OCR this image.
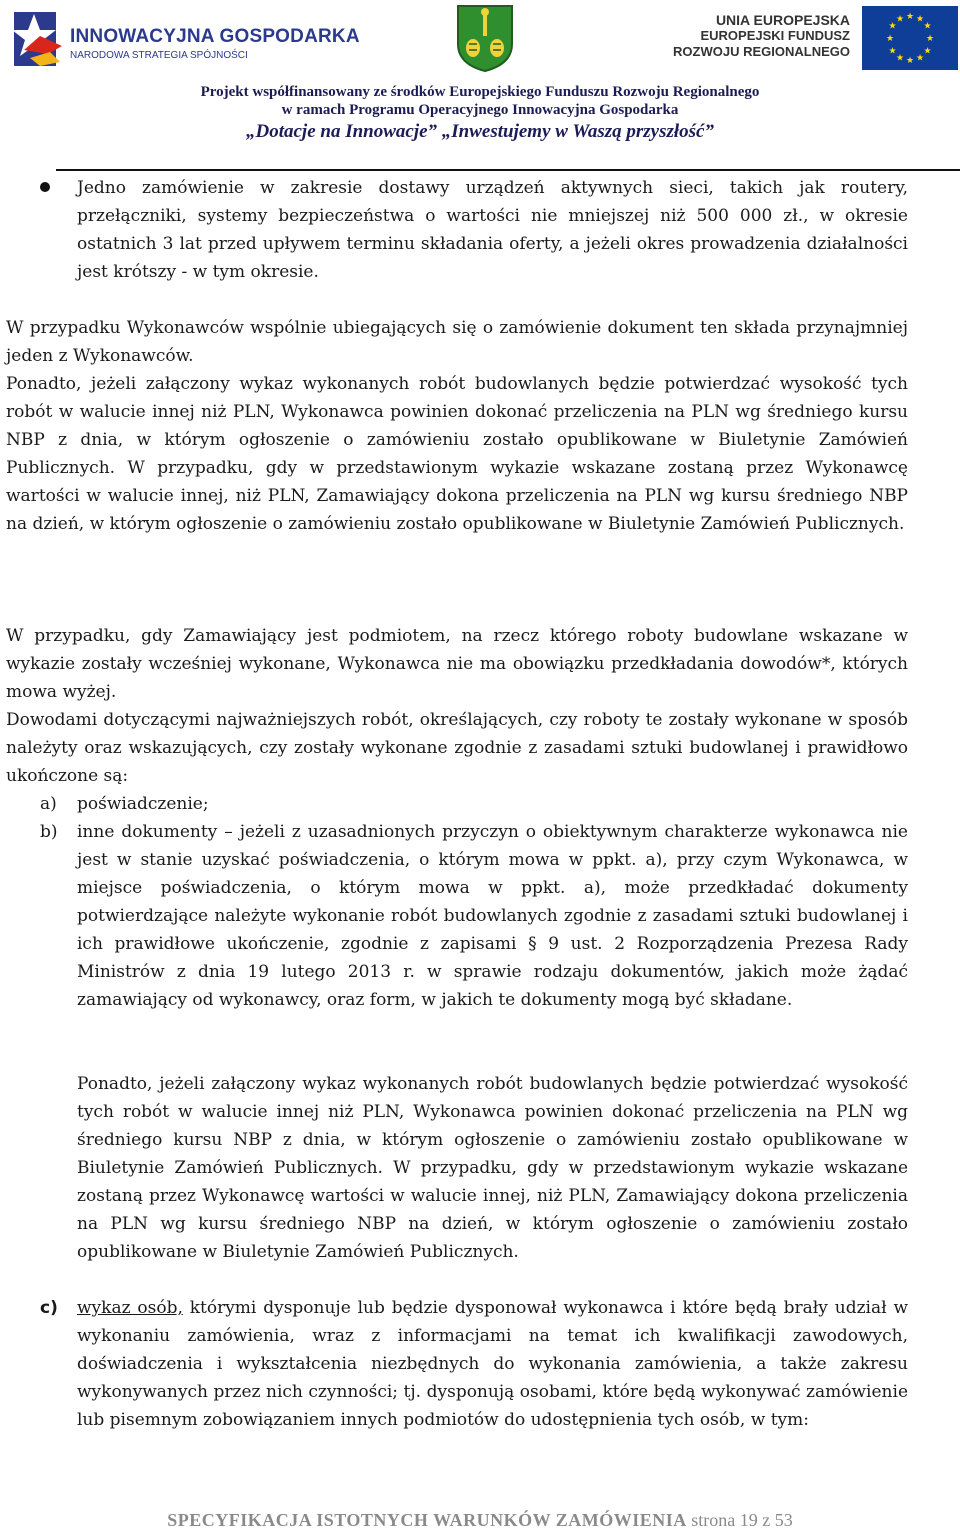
INNOWACYJNA GOSPODARKA
NARODOWA STRATEGIA SPÓJNOŚCI
UNIA EUROPEJSKA
EUROPEJSKI FUNDUSZ
ROZWOJU REGIONALNEGO
★ ★
★
★
★
★
★
★
★
★
★
★
Projekt współfinansowany ze środków Europejskiego Funduszu Rozwoju Regionalnego
w ramach Programu Operacyjnego Innowacyjna Gospodarka
„Dotacje na Innowacje” „Inwestujemy w Waszą przyszłość”

Jedno zamówienie w zakresie dostawy urządzeń aktywnych sieci, takich jak routery, przełączniki, systemy bezpieczeństwa o wartości nie mniejszej niż 500 000 zł., w okresie ostatnich 3 lat przed upływem terminu składania oferty, a jeżeli okres prowadzenia działalności jest krótszy - w tym okresie.

W przypadku Wykonawców wspólnie ubiegających się o zamówienie dokument ten składa przynajmniej jeden z Wykonawców.

Ponadto, jeżeli załączony wykaz wykonanych robót budowlanych będzie potwierdzać wysokość tych robót w walucie innej niż PLN, Wykonawca powinien dokonać przeliczenia na PLN wg średniego kursu NBP z dnia, w którym ogłoszenie o zamówieniu zostało opublikowane w Biuletynie Zamówień Publicznych. W przypadku, gdy w przedstawionym wykazie wskazane zostaną przez Wykonawcę wartości w walucie innej, niż PLN, Zamawiający dokona przeliczenia na PLN wg kursu średniego NBP na dzień, w którym ogłoszenie o zamówieniu zostało opublikowane w Biuletynie Zamówień Publicznych.

W przypadku, gdy Zamawiający jest podmiotem, na rzecz którego roboty budowlane wskazane w wykazie zostały wcześniej wykonane, Wykonawca nie ma obowiązku przedkładania dowodów*, których mowa wyżej.

Dowodami dotyczącymi najważniejszych robót, określających, czy roboty te zostały wykonane w sposób należyty oraz wskazujących, czy zostały wykonane zgodnie z zasadami sztuki budowlanej i prawidłowo ukończone są:

a) poświadczenie;

b) inne dokumenty – jeżeli z uzasadnionych przyczyn o obiektywnym charakterze wykonawca nie jest w stanie uzyskać poświadczenia, o którym mowa w ppkt. a), przy czym Wykonawca, w miejsce poświadczenia, o którym mowa w ppkt. a), może przedkładać dokumenty potwierdzające należyte wykonanie robót budowlanych zgodnie z zasadami sztuki budowlanej i ich prawidłowe ukończenie, zgodnie z zapisami § 9 ust. 2 Rozporządzenia Prezesa Rady Ministrów z dnia 19 lutego 2013 r. w sprawie rodzaju dokumentów, jakich może żądać zamawiający od wykonawcy, oraz form, w jakich te dokumenty mogą być składane.

Ponadto, jeżeli załączony wykaz wykonanych robót budowlanych będzie potwierdzać wysokość tych robót w walucie innej niż PLN, Wykonawca powinien dokonać przeliczenia na PLN wg średniego kursu NBP z dnia, w którym ogłoszenie o zamówieniu zostało opublikowane w Biuletynie Zamówień Publicznych. W przypadku, gdy w przedstawionym wykazie wskazane zostaną przez Wykonawcę wartości w walucie innej, niż PLN, Zamawiający dokona przeliczenia na PLN wg kursu średniego NBP na dzień, w którym ogłoszenie o zamówieniu zostało opublikowane w Biuletynie Zamówień Publicznych.

c) wykaz osób, którymi dysponuje lub będzie dysponował wykonawca i które będą brały udział w wykonaniu zamówienia, wraz z informacjami na temat ich kwalifikacji zawodowych, doświadczenia i wykształcenia niezbędnych do wykonania zamówienia, a także zakresu wykonywanych przez nich czynności; tj. dysponują osobami, które będą wykonywać zamówienie lub pisemnym zobowiązaniem innych podmiotów do udostępnienia tych osób, w tym:

SPECYFIKACJA ISTOTNYCH WARUNKÓW ZAMÓWIENIA strona 19 z 53
